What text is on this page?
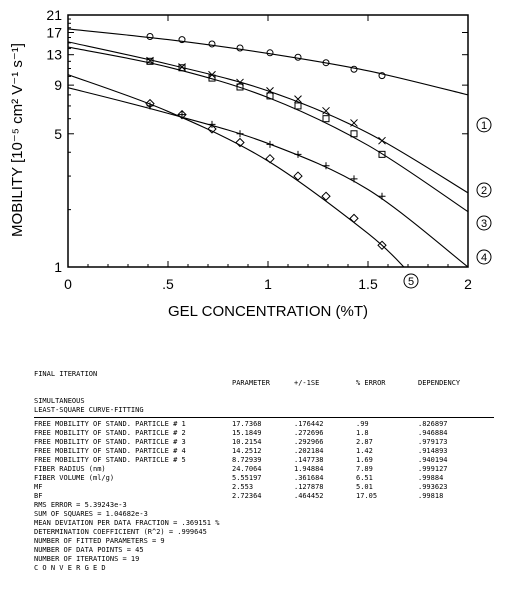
0	.5	1	1.5	2
1
5
9
13
17
21
1
2
3
4
5
MOBILITY [10⁻⁵ cm² V⁻¹ s⁻¹]
GEL CONCENTRATION (%T)
FINAL ITERATION
PARAMETER	+/-1SE	% ERROR	DEPENDENCY
SIMULTANEOUS
LEAST-SQUARE CURVE-FITTING
FREE MOBILITY OF STAND. PARTICLE # 1	17.7368	.176442	.99	.826897
FREE MOBILITY OF STAND. PARTICLE # 2	15.1849	.272696	1.8	.946884
FREE MOBILITY OF STAND. PARTICLE # 3	10.2154	.292966	2.87	.979173
FREE MOBILITY OF STAND. PARTICLE # 4	14.2512	.202184	1.42	.914893
FREE MOBILITY OF STAND. PARTICLE # 5	8.72939	.147738	1.69	.940194
FIBER RADIUS (nm)	24.7064	1.94884	7.89	.999127
FIBER VOLUME (ml/g)	5.55197	.361684	6.51	.99884
MF	2.553	.127878	5.01	.993623
BF	2.72364	.464452	17.05	.99818
RMS ERROR = 5.39243e-3
SUM OF SQUARES = 1.04682e-3
MEAN DEVIATION PER DATA FRACTION = .369151 %
DETERMINATION COEFFICIENT (R^2) = .999645
NUMBER OF FITTED PARAMETERS = 9
NUMBER OF DATA POINTS = 45
NUMBER OF ITERATIONS = 19
C O N V E R G E D
